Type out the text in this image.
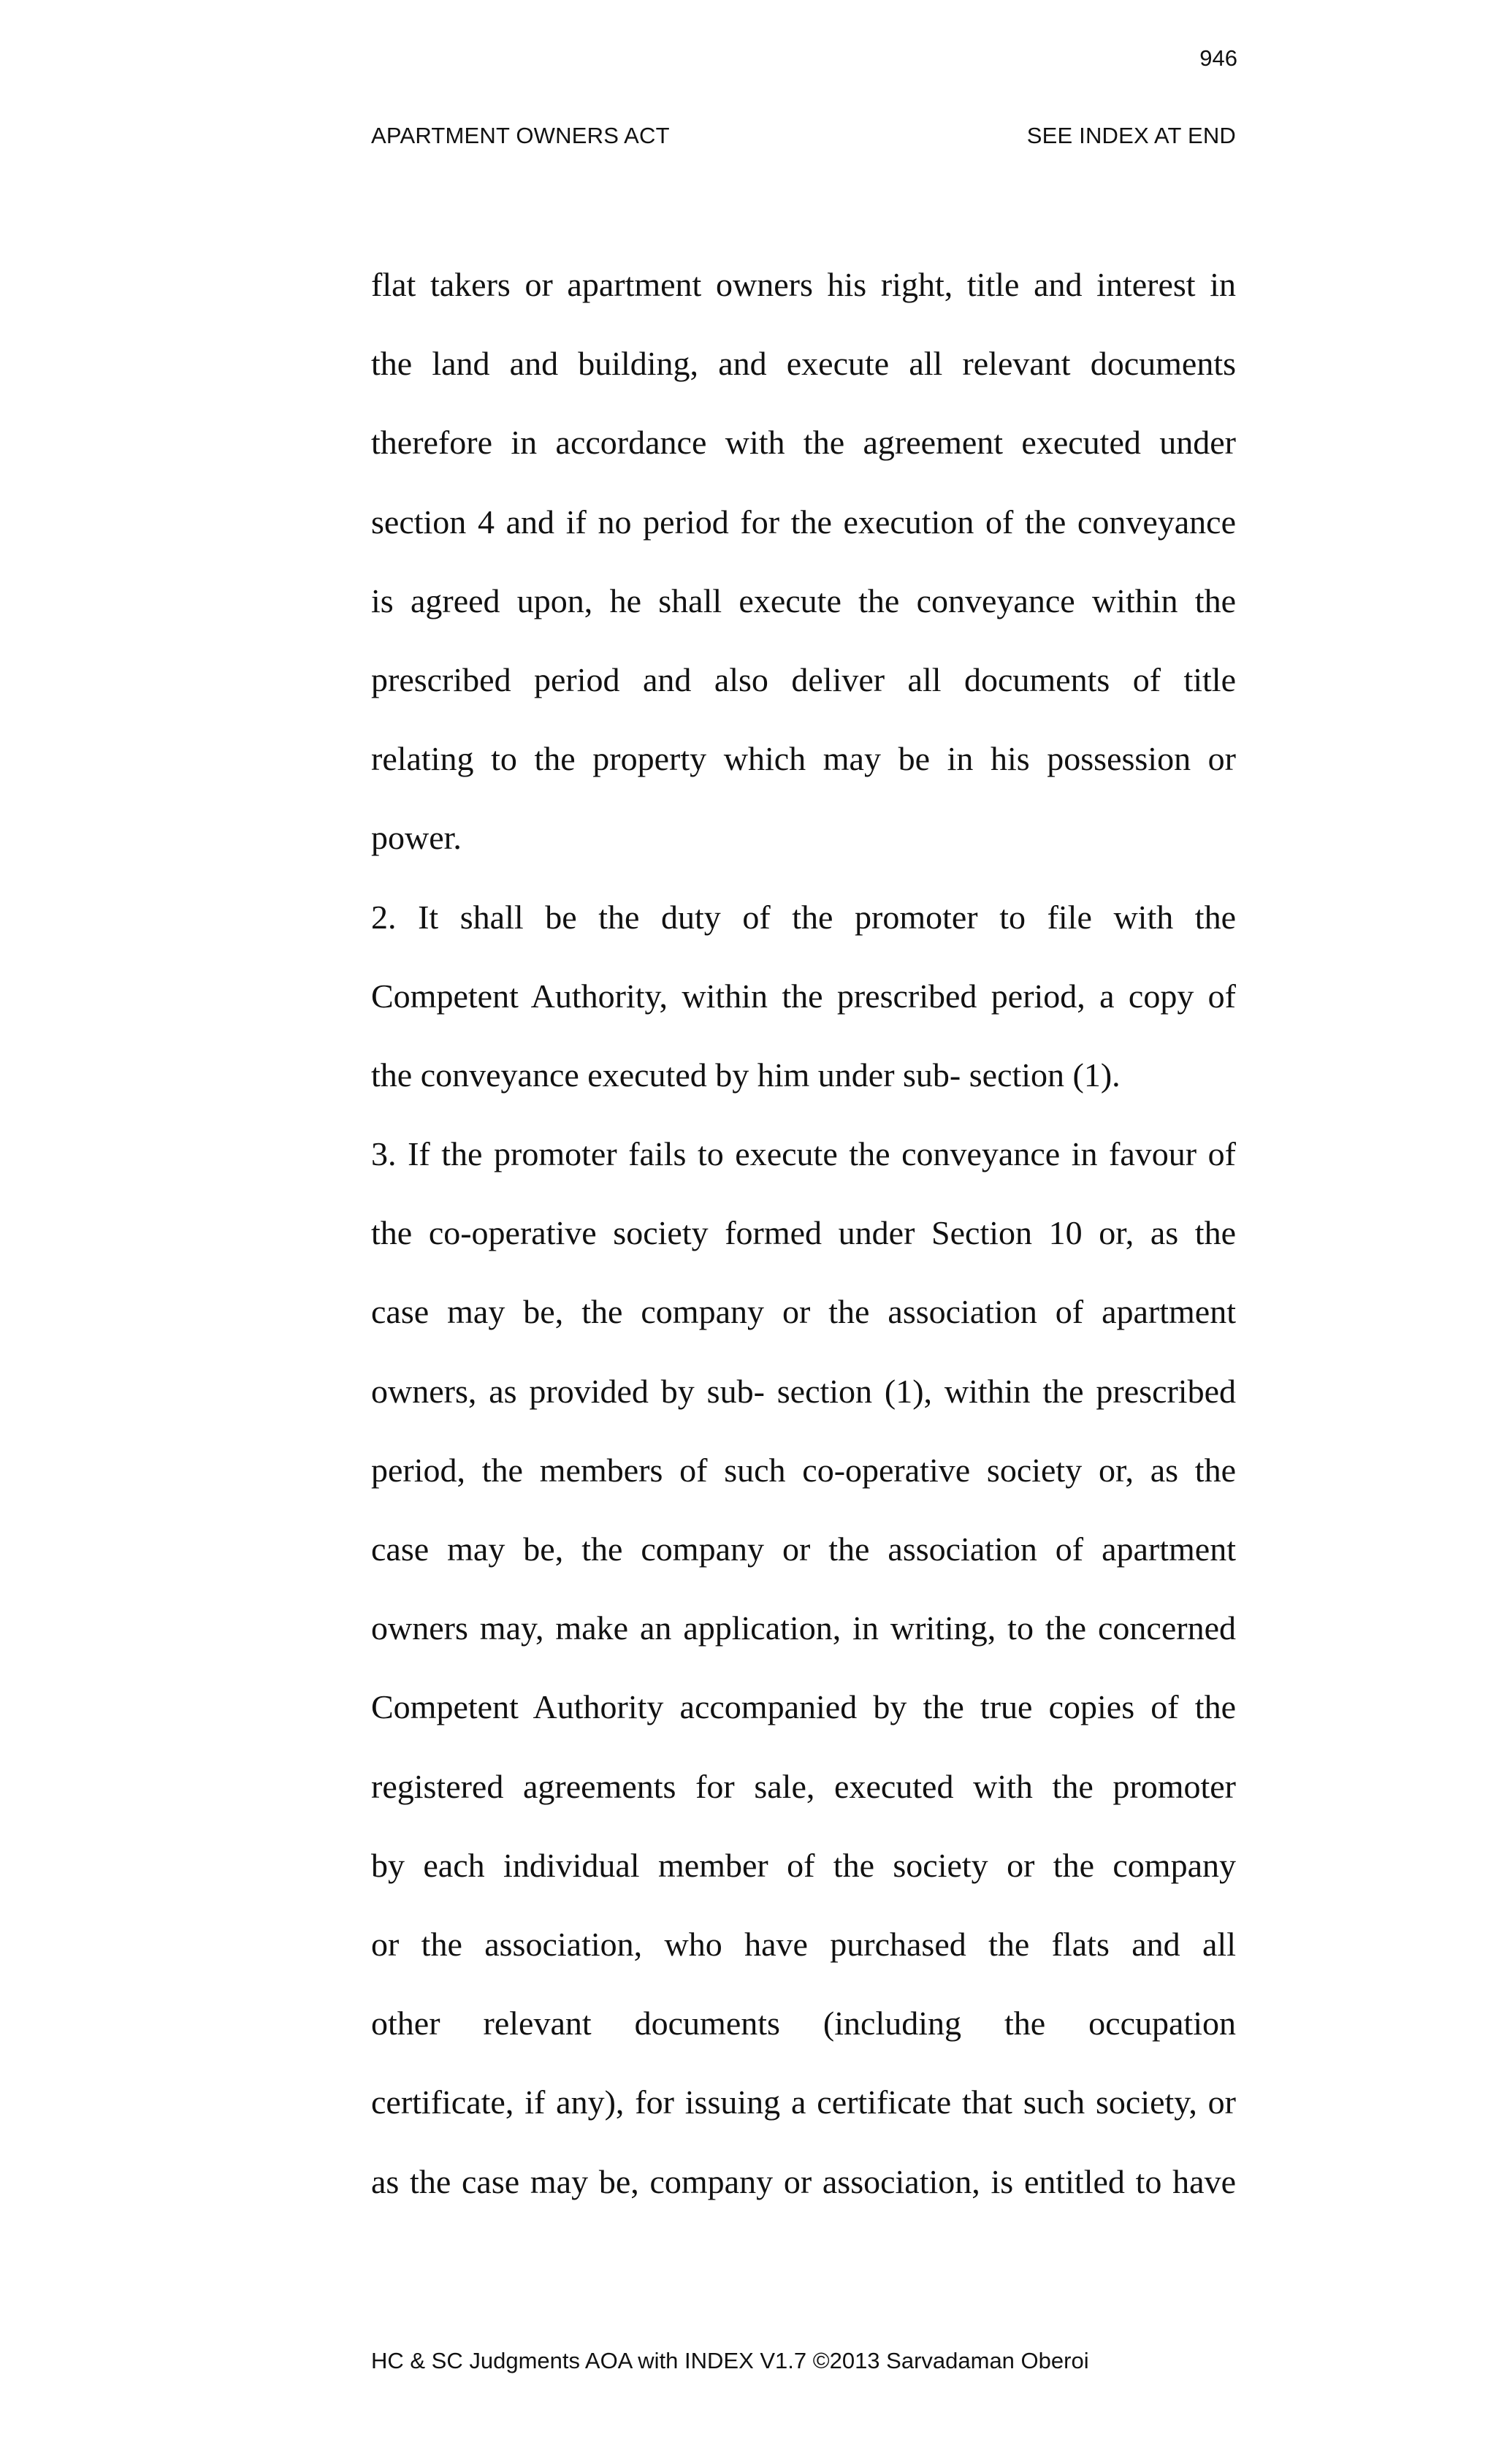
946
APARTMENT OWNERS ACT	SEE INDEX AT END
flat takers or apartment owners his right, title and interest in
the land and building, and execute all relevant documents
therefore in accordance with the agreement executed under
section 4 and if no period for the execution of the conveyance
is agreed upon, he shall execute the conveyance within the
prescribed period and also deliver all documents of title
relating to the property which may be in his possession or
power.
2. It shall be the duty of the promoter to file with the
Competent Authority, within the prescribed period, a copy of
the conveyance executed by him under sub- section (1).
3. If the promoter fails to execute the conveyance in favour of
the co-operative society formed under Section 10 or, as the
case may be, the company or the association of apartment
owners, as provided by sub- section (1), within the prescribed
period, the members of such co-operative society or, as the
case may be, the company or the association of apartment
owners may, make an application, in writing, to the concerned
Competent Authority accompanied by the true copies of the
registered agreements for sale, executed with the promoter
by each individual member of the society or the company
or the association, who have purchased the flats and all
other relevant documents (including the occupation
certificate, if any), for issuing a certificate that such society, or
as the case may be, company or association, is entitled to have
HC & SC Judgments AOA with INDEX V1.7 ©2013 Sarvadaman Oberoi
